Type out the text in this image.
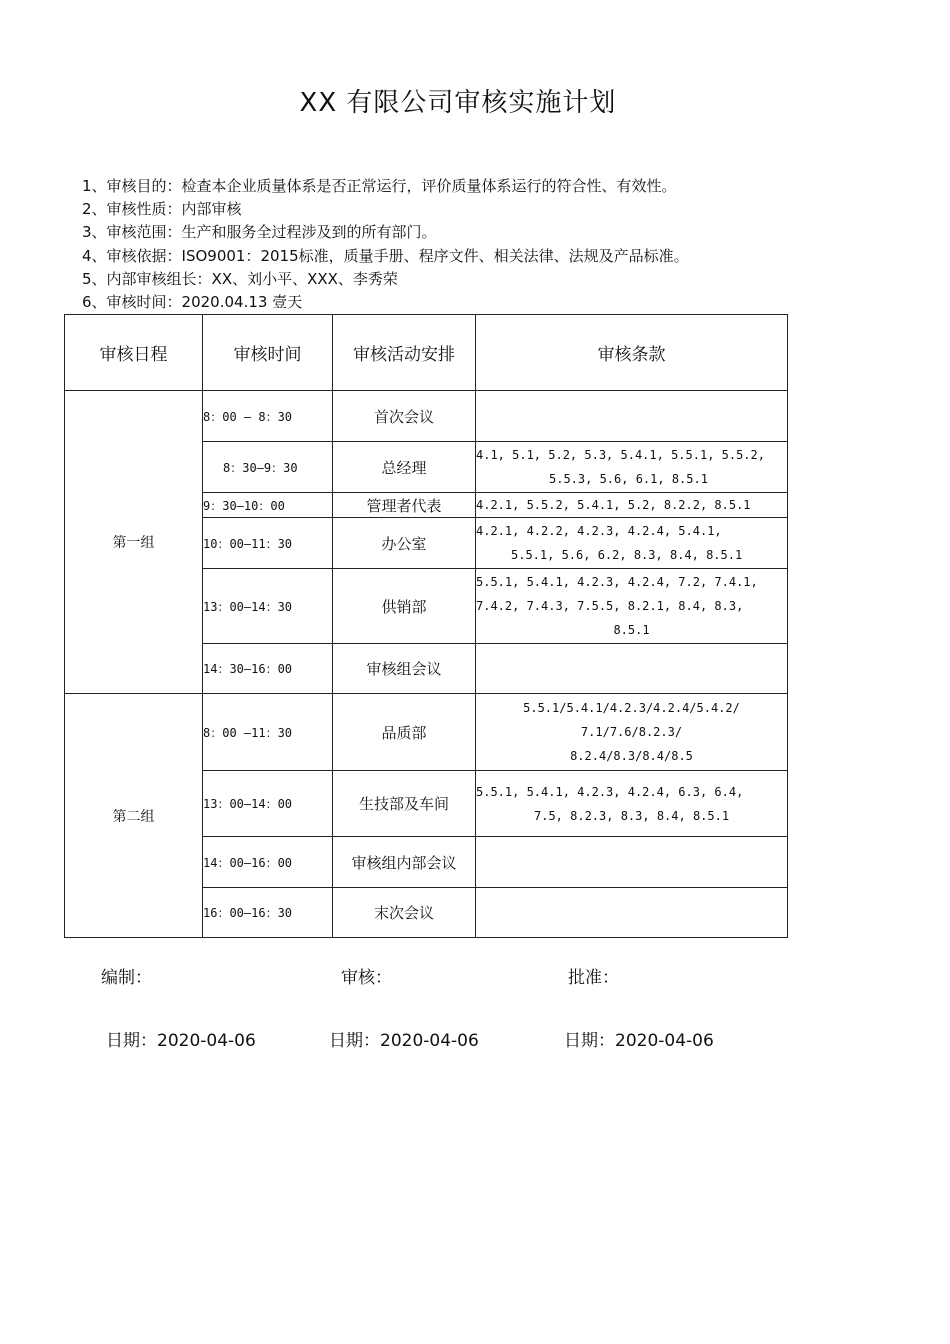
XX 有限公司审核实施计划
1、审核目的：检查本企业质量体系是否正常运行，评价质量体系运行的符合性、有效性。
2、审核性质：内部审核
3、审核范围：生产和服务全过程涉及到的所有部门。
4、审核依据：ISO9001：2015标准，质量手册、程序文件、相关法律、法规及产品标准。
5、内部审核组长：XX、刘小平、XXX、李秀荣
6、审核时间：2020.04.13 壹天
审核日程	审核时间	审核活动安排	审核条款
第一组	8：00 — 8：30	首次会议	
	8：30—9：30	总经理	4.1, 5.1, 5.2, 5.3, 5.4.1, 5.5.1, 5.5.2,
5.5.3, 5.6, 6.1, 8.5.1

	9：30—10：00	管理者代表	4.2.1, 5.5.2, 5.4.1, 5.2, 8.2.2, 8.5.1

	10：00—11：30	办公室	4.2.1, 4.2.2, 4.2.3, 4.2.4, 5.4.1,
5.5.1, 5.6, 6.2, 8.3, 8.4, 8.5.1

	13：00—14：30	供销部	5.5.1, 5.4.1, 4.2.3, 4.2.4, 7.2, 7.4.1,
7.4.2, 7.4.3, 7.5.5, 8.2.1, 8.4, 8.3,
8.5.1

	14：30—16：00	审核组会议	
第二组	8：00 —11：30	品质部	5.5.1/5.4.1/4.2.3/4.2.4/5.4.2/
7.1/7.6/8.2.3/
8.2.4/8.3/8.4/8.5

	13：00—14：00	生技部及车间	5.5.1, 5.4.1, 4.2.3, 4.2.4, 6.3, 6.4,
7.5, 8.2.3, 8.3, 8.4, 8.5.1

	14：00—16：00	审核组内部会议	
	16：00—16：30	末次会议	
编制：	审核：	批准：
日期：2020-04-06	日期：2020-04-06	日期：2020-04-06
